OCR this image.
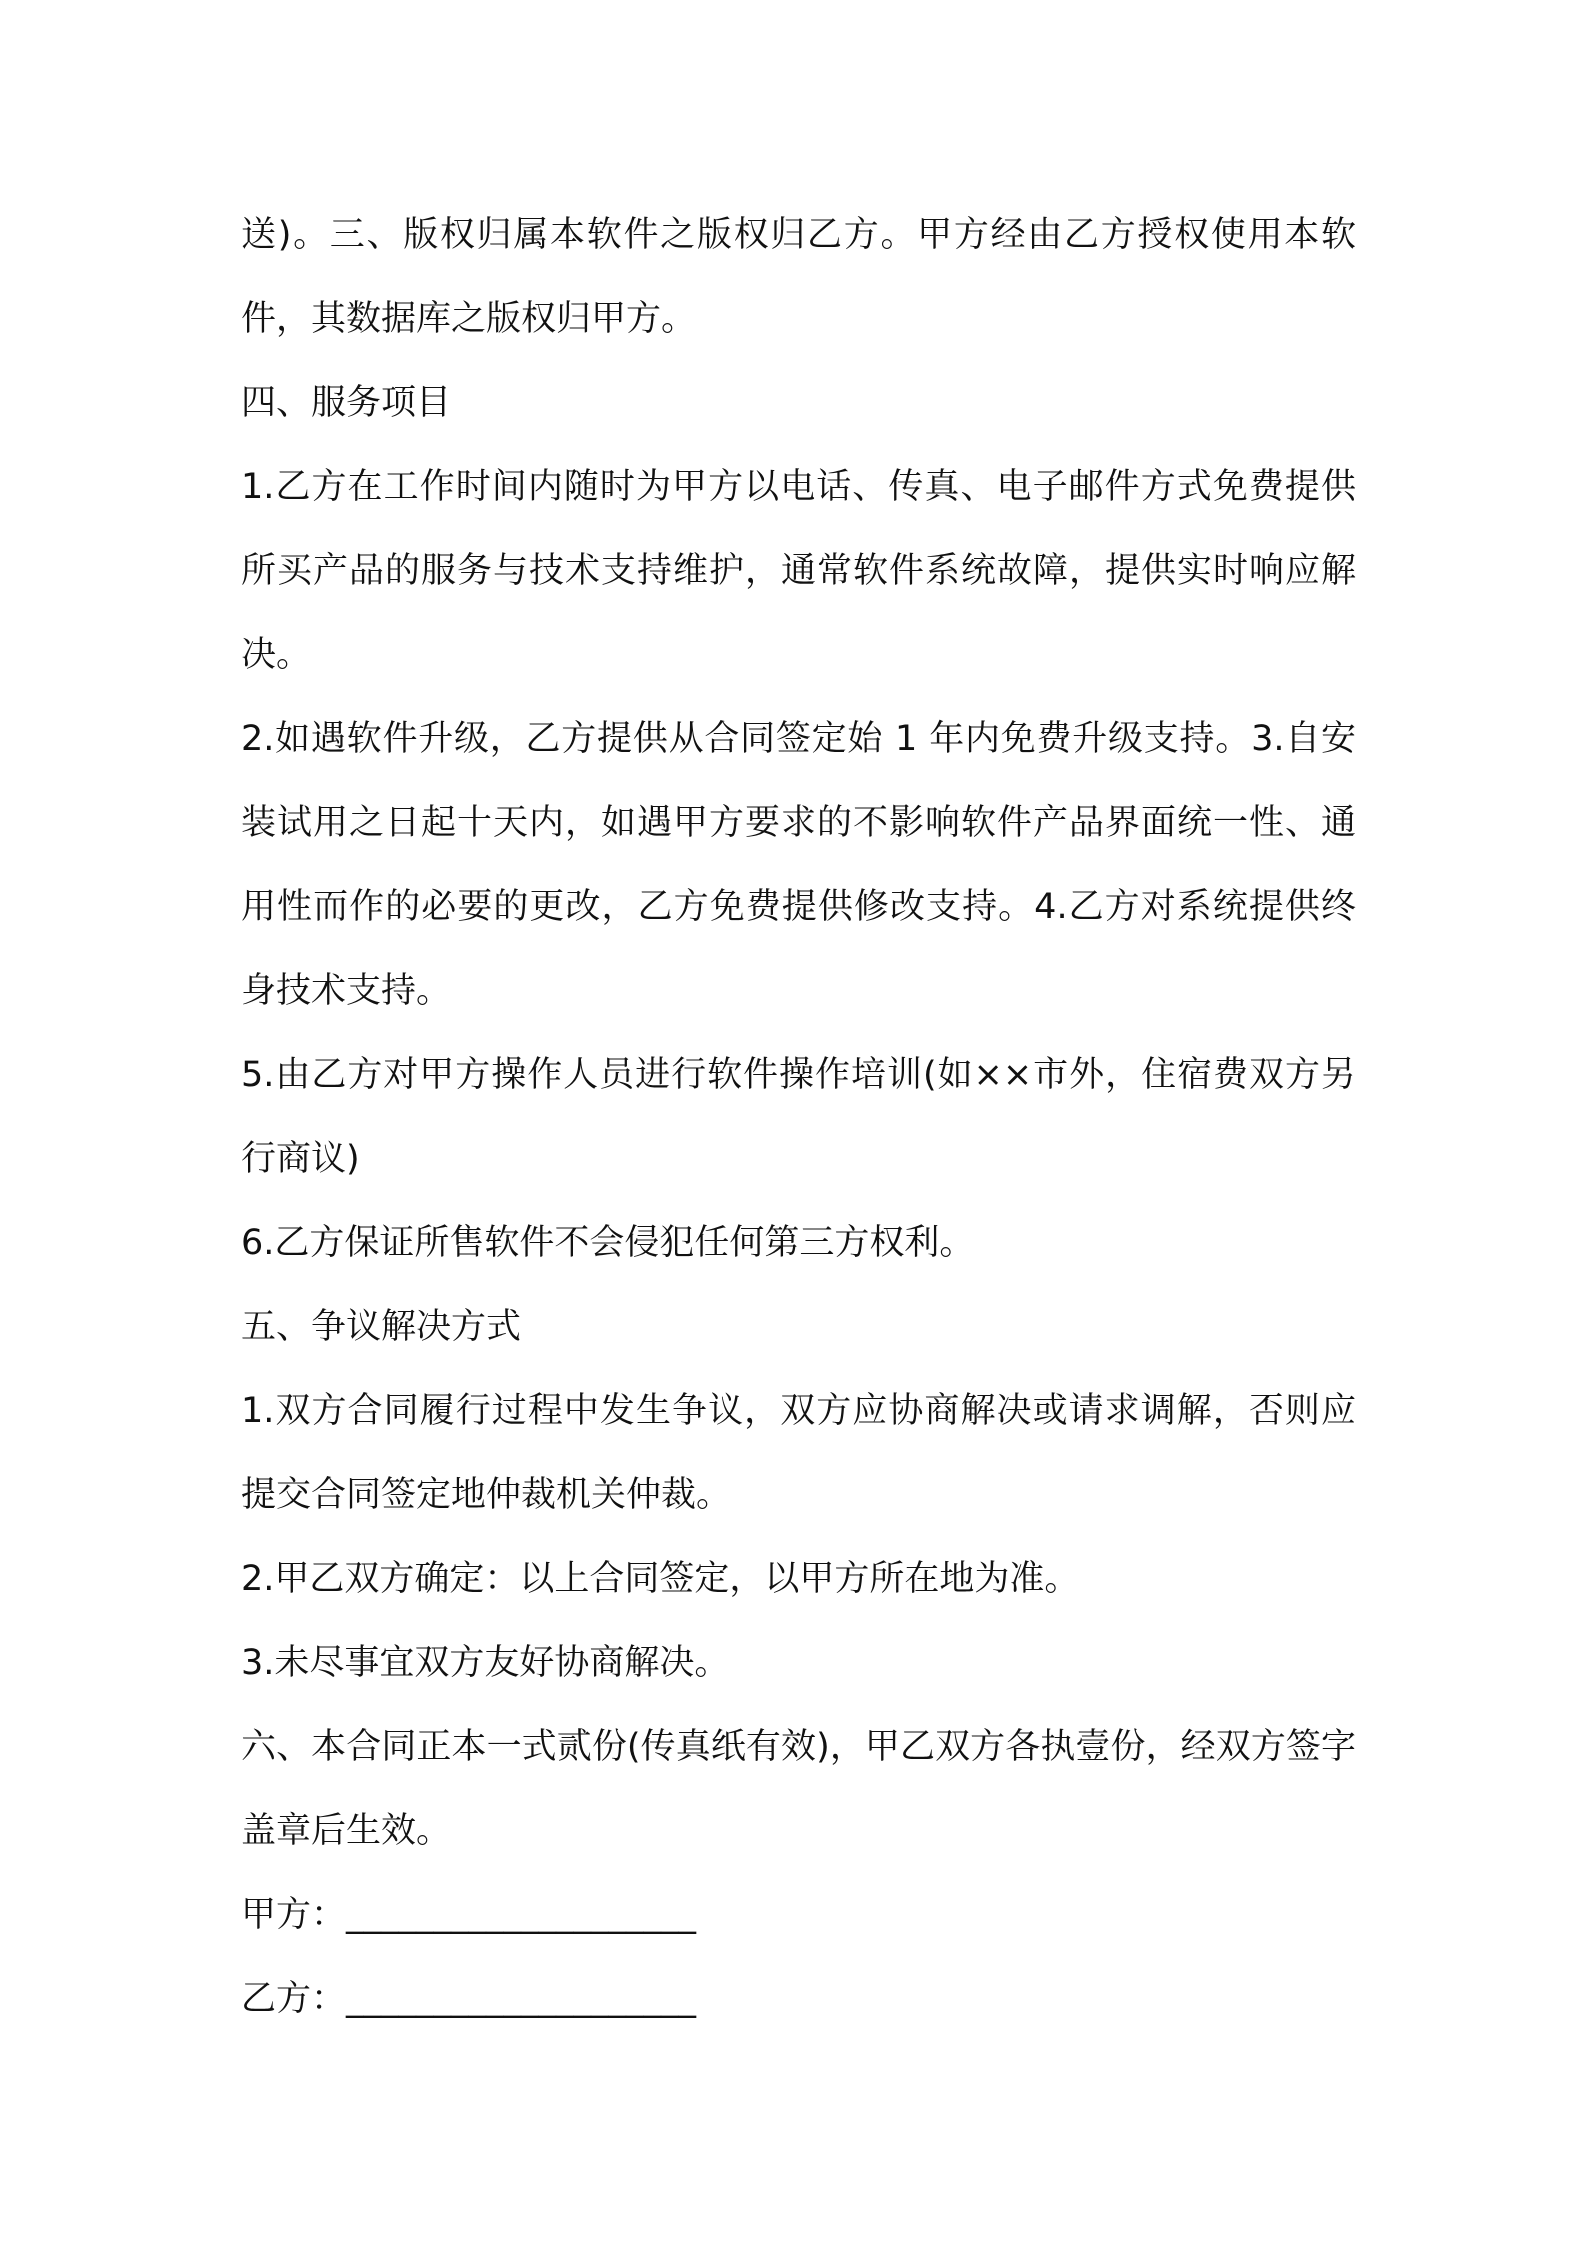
送)。三、版权归属本软件之版权归乙方。甲方经由乙方授权使用本软件，其数据库之版权归甲方。

四、服务项目

1.乙方在工作时间内随时为甲方以电话、传真、电子邮件方式免费提供所买产品的服务与技术支持维护，通常软件系统故障，提供实时响应解决。

2.如遇软件升级，乙方提供从合同签定始 1 年内免费升级支持。3.自安装试用之日起十天内，如遇甲方要求的不影响软件产品界面统一性、通用性而作的必要的更改，乙方免费提供修改支持。4.乙方对系统提供终身技术支持。

5.由乙方对甲方操作人员进行软件操作培训(如××市外，住宿费双方另行商议)

6.乙方保证所售软件不会侵犯任何第三方权利。

五、争议解决方式

1.双方合同履行过程中发生争议，双方应协商解决或请求调解，否则应提交合同签定地仲裁机关仲裁。

2.甲乙双方确定：以上合同签定，以甲方所在地为准。

3.未尽事宜双方友好协商解决。

六、本合同正本一式贰份(传真纸有效)，甲乙双方各执壹份，经双方签字盖章后生效。

甲方：____________________

乙方：____________________
